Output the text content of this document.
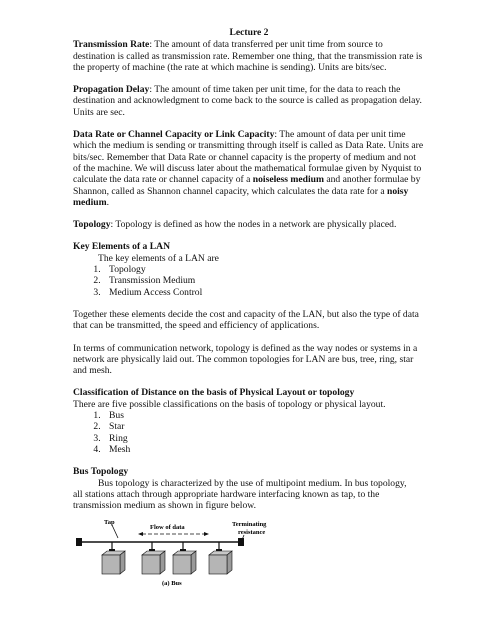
Lecture 2

Transmission Rate: The amount of data transferred per unit time from source to destination is called as transmission rate. Remember one thing, that the transmission rate is the property of machine (the rate at which machine is sending). Units are bits/sec.

Propagation Delay: The amount of time taken per unit time, for the data to reach the destination and acknowledgment to come back to the source is called as propagation delay. Units are sec.

Data Rate or Channel Capacity or Link Capacity: The amount of data per unit time which the medium is sending or transmitting through itself is called as Data Rate. Units are bits/sec. Remember that Data Rate or channel capacity is the property of medium and not of the machine. We will discuss later about the mathematical formulae given by Nyquist to calculate the data rate or channel capacity of a noiseless medium and another formulae by Shannon, called as Shannon channel capacity, which calculates the data rate for a noisy medium.

Topology: Topology is defined as how the nodes in a network are physically placed.

Key Elements of a LAN
The key elements of a LAN are
1. Topology
2. Transmission Medium
3. Medium Access Control

Together these elements decide the cost and capacity of the LAN, but also the type of data that can be transmitted, the speed and efficiency of applications.

In terms of communication network, topology is defined as the way nodes or systems in a network are physically laid out. The common topologies for LAN are bus, tree, ring, star and mesh.

Classification of Distance on the basis of Physical Layout or topology
There are five possible classifications on the basis of topology or physical layout.
1. Bus
2. Star
3. Ring
4. Mesh
Bus Topology
Bus topology is characterized by the use of multipoint medium. In bus topology,
all stations attach through appropriate hardware interfacing known as tap, to the transmission medium as shown in figure below.
Tap
Flow of data	Terminating
resistance
(a) Bus
